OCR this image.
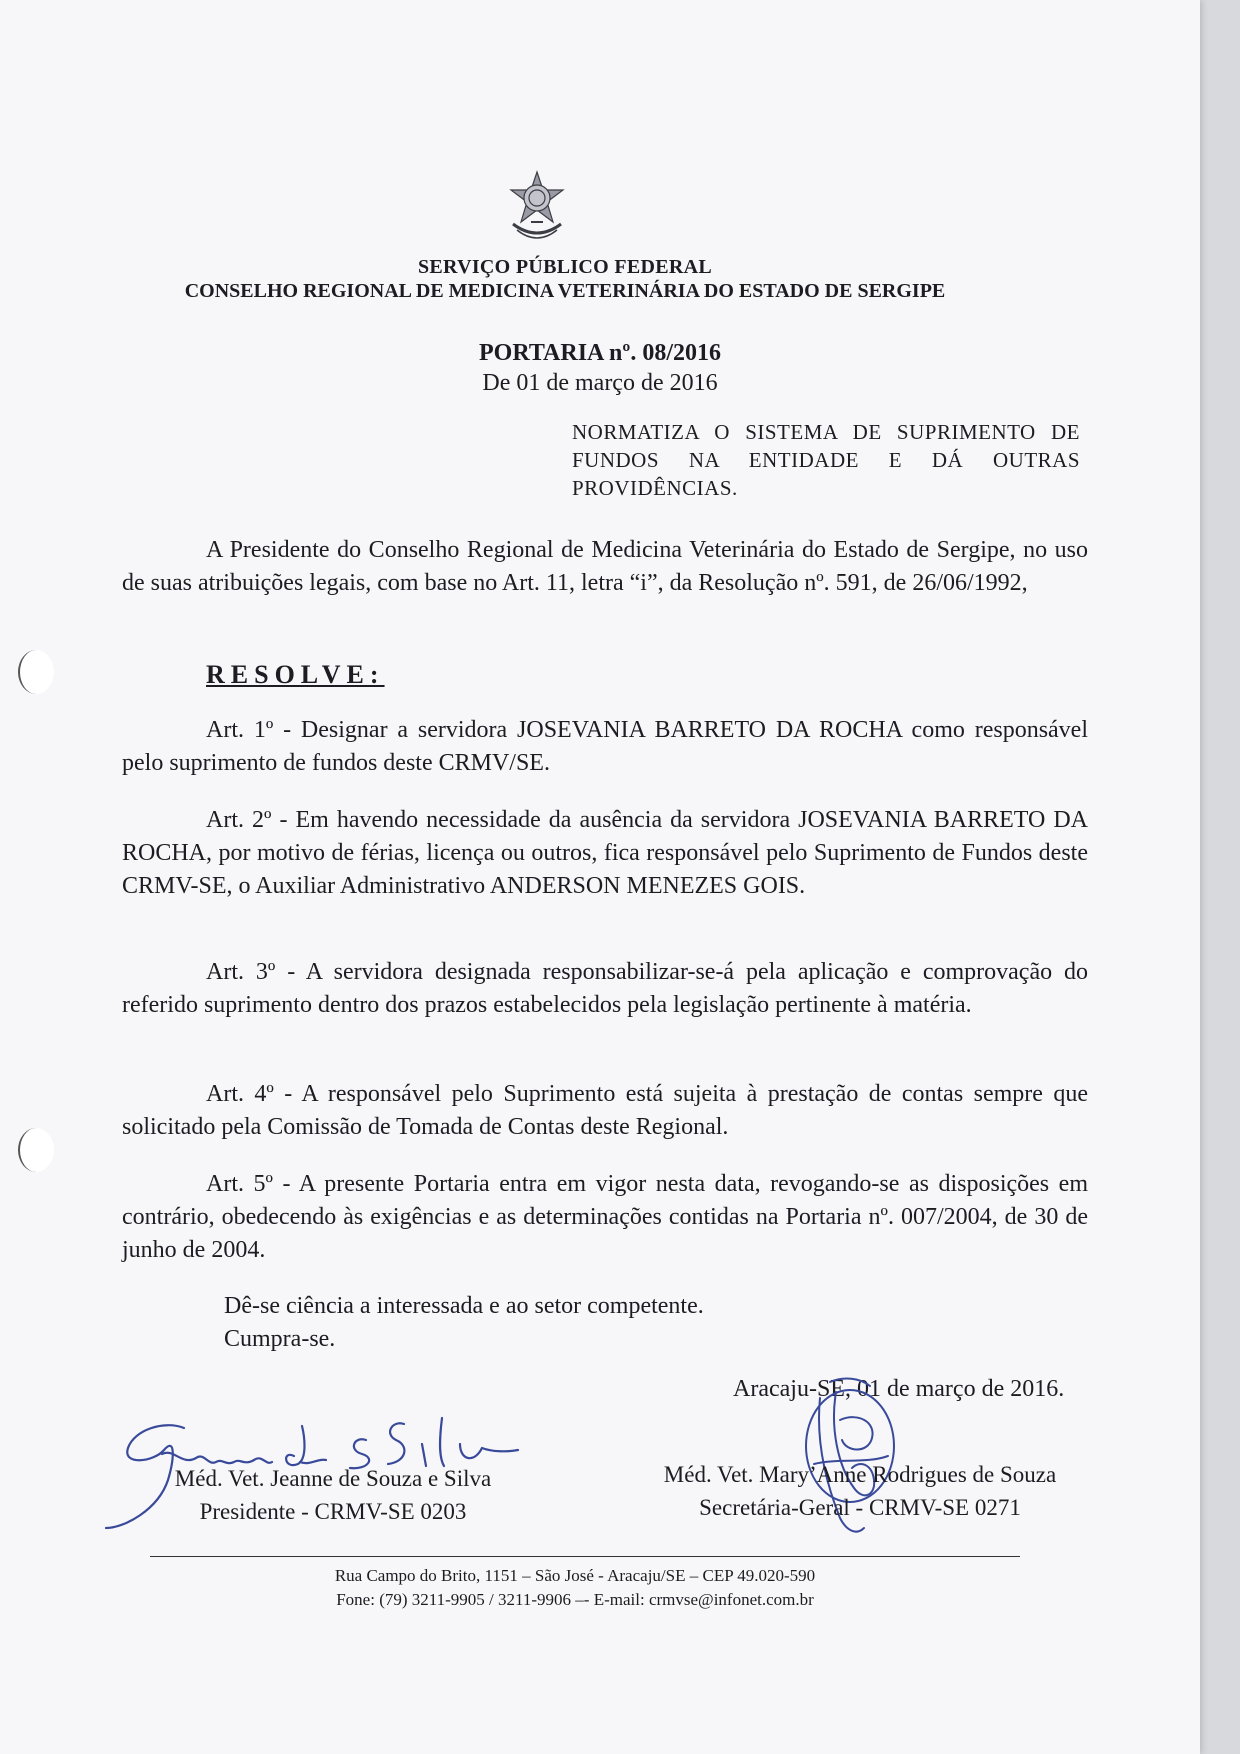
SERVIÇO PÚBLICO FEDERAL
CONSELHO REGIONAL DE MEDICINA VETERINÁRIA DO ESTADO DE SERGIPE
PORTARIA nº. 08/2016
De 01 de março de 2016
NORMATIZA O SISTEMA DE SUPRIMENTO DE FUNDOS NA ENTIDADE E DÁ OUTRAS PROVIDÊNCIAS.

A Presidente do Conselho Regional de Medicina Veterinária do Estado de Sergipe, no uso de suas atribuições legais, com base no Art. 11, letra “i”, da Resolução nº. 591, de 26/06/1992,

RESOLVE:

Art. 1º - Designar a servidora JOSEVANIA BARRETO DA ROCHA como responsável pelo suprimento de fundos deste CRMV/SE.

Art. 2º - Em havendo necessidade da ausência da servidora JOSEVANIA BARRETO DA ROCHA, por motivo de férias, licença ou outros, fica responsável pelo Suprimento de Fundos deste CRMV-SE, o Auxiliar Administrativo ANDERSON MENEZES GOIS.

Art. 3º - A servidora designada responsabilizar-se-á pela aplicação e comprovação do referido suprimento dentro dos prazos estabelecidos pela legislação pertinente à matéria.

Art. 4º - A responsável pelo Suprimento está sujeita à prestação de contas sempre que solicitado pela Comissão de Tomada de Contas deste Regional.

Art. 5º - A presente Portaria entra em vigor nesta data, revogando-se as disposições em contrário, obedecendo às exigências e as determinações contidas na Portaria nº. 007/2004, de 30 de junho de 2004.

Dê-se ciência a interessada e ao setor competente.
Cumpra-se.
Aracaju-SE, 01 de março de 2016.
Méd. Vet. Jeanne de Souza e Silva
Presidente - CRMV-SE 0203
Méd. Vet. Mary’Anne Rodrigues de Souza
Secretária-Geral - CRMV-SE 0271
Rua Campo do Brito, 1151 – São José - Aracaju/SE – CEP 49.020-590
Fone: (79) 3211-9905 / 3211-9906 –- E-mail: crmvse@infonet.com.br
